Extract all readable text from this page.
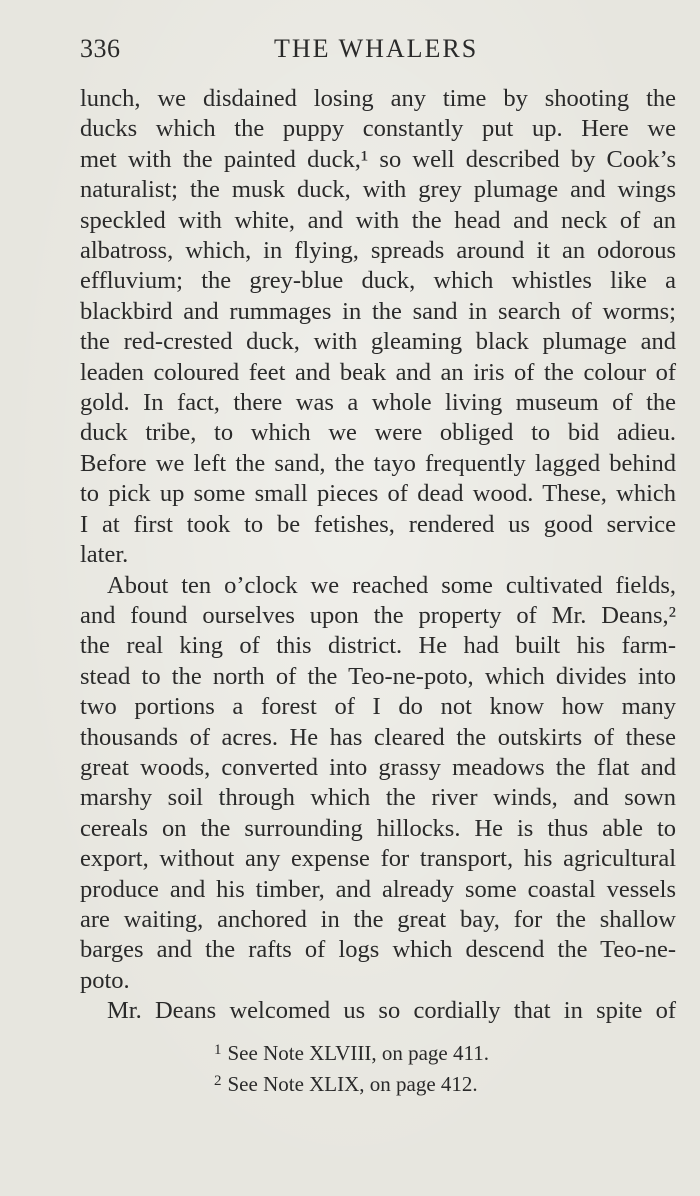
336	THE WHALERS
lunch, we disdained losing any time by shooting the
ducks which the puppy constantly put up. Here we
met with the painted duck,¹ so well described by Cook’s
naturalist; the musk duck, with grey plumage and wings
speckled with white, and with the head and neck of an
albatross, which, in flying, spreads around it an odorous
effluvium; the grey-blue duck, which whistles like a
blackbird and rummages in the sand in search of worms;
the red-crested duck, with gleaming black plumage and
leaden coloured feet and beak and an iris of the colour of
gold. In fact, there was a whole living museum of the
duck tribe, to which we were obliged to bid adieu.
Before we left the sand, the tayo frequently lagged behind
to pick up some small pieces of dead wood. These, which
I at first took to be fetishes, rendered us good service
later.
About ten o’clock we reached some cultivated fields,
and found ourselves upon the property of Mr. Deans,²
the real king of this district. He had built his farm-
stead to the north of the Teo-ne-poto, which divides into
two portions a forest of I do not know how many
thousands of acres. He has cleared the outskirts of these
great woods, converted into grassy meadows the flat and
marshy soil through which the river winds, and sown
cereals on the surrounding hillocks. He is thus able to
export, without any expense for transport, his agricultural
produce and his timber, and already some coastal vessels
are waiting, anchored in the great bay, for the shallow
barges and the rafts of logs which descend the Teo-ne-
poto.
Mr. Deans welcomed us so cordially that in spite of
$^1$ See Note XLVIII, on page 411.
$^2$ See Note XLIX, on page 412.
